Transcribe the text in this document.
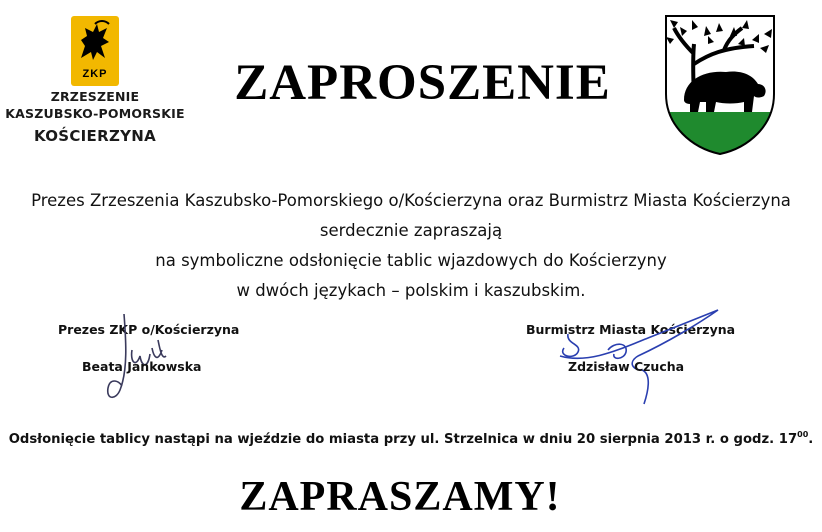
ZKP
ZRZESZENIE
KASZUBSKO-POMORSKIE
KOŚCIERZYNA
ZAPROSZENIE
Prezes Zrzeszenia Kaszubsko-Pomorskiego o/Kościerzyna oraz Burmistrz Miasta Kościerzyna
serdecznie zapraszają
na symboliczne odsłonięcie tablic wjazdowych do Kościerzyny
w dwóch językach – polskim i kaszubskim.
Prezes ZKP o/Kościerzyna
Beata Jankowska
Burmistrz Miasta Kościerzyna
Zdzisław Czucha
Odsłonięcie tablicy nastąpi na wjeździe do miasta przy ul. Strzelnica w dniu 20 sierpnia 2013 r. o godz. $17^{00}$.
ZAPRASZAMY!
